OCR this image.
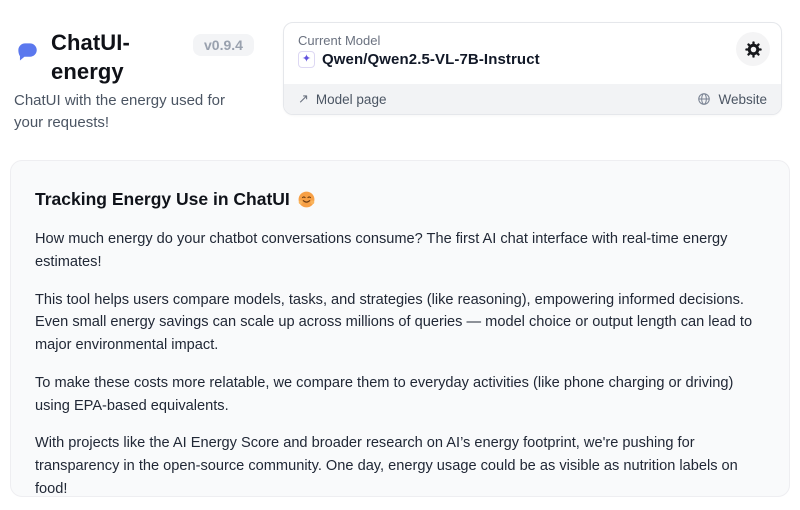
ChatUI-energy
v0.9.4

ChatUI with the energy used for your requests!

Current Model
✦ Qwen/Qwen2.5-VL-7B-Instruct
↗ Model page	Website
Tracking Energy Use in ChatUI

How much energy do your chatbot conversations consume? The first AI chat interface with real-time energy estimates!

This tool helps users compare models, tasks, and strategies (like reasoning), empowering informed decisions. Even small energy savings can scale up across millions of queries — model choice or output length can lead to major environmental impact.

To make these costs more relatable, we compare them to everyday activities (like phone charging or driving) using EPA-based equivalents.

With projects like the AI Energy Score and broader research on AI’s energy footprint, we're pushing for transparency in the open-source community. One day, energy usage could be as visible as nutrition labels on food!
